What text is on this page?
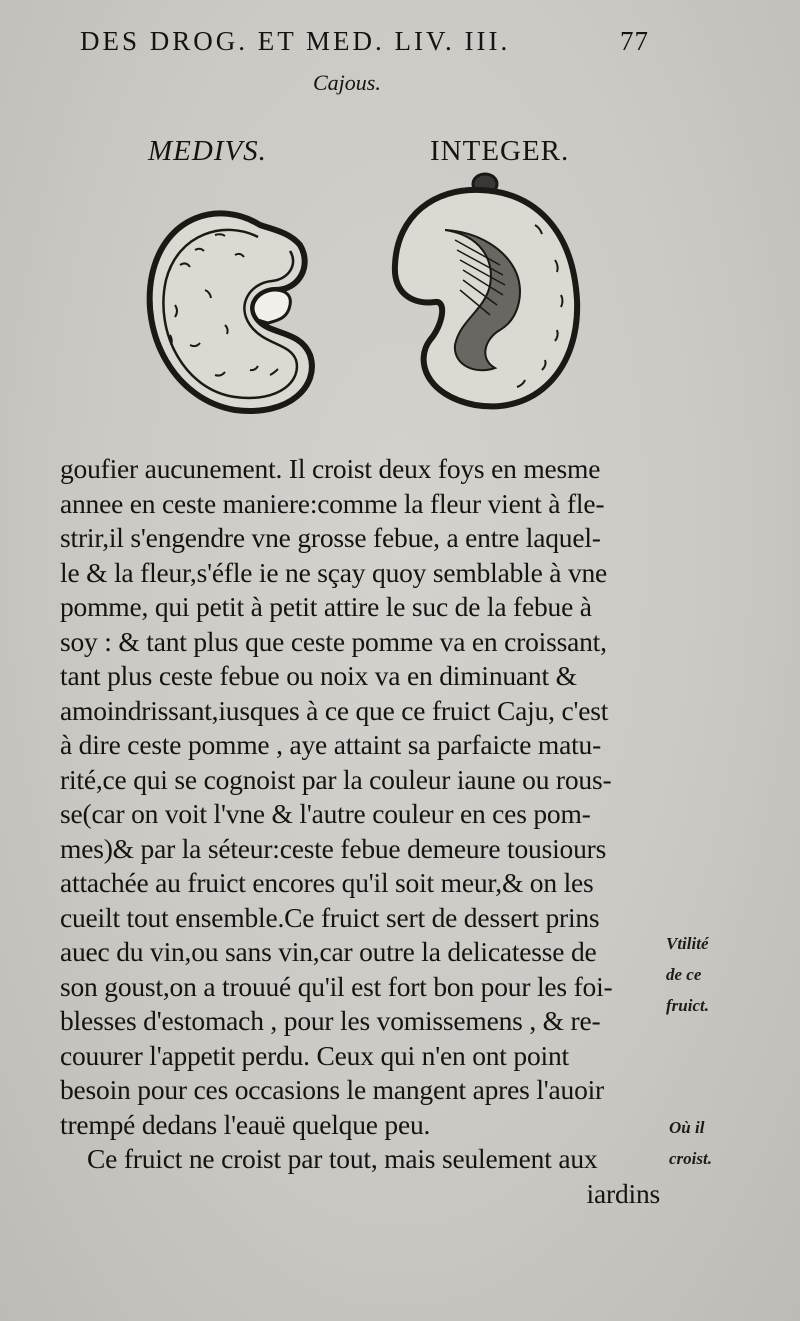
DES DROG. ET MED. LIV. III.	77
Cajous.
MEDIVS.	INTEGER.
goufier aucunement. Il croist deux foys en mesme
annee en ceste maniere:comme la fleur vient à fle-
strir,il s'engendre vne grosse febue, a entre laquel-
le & la fleur,s'éfle ie ne sçay quoy semblable à vne
pomme, qui petit à petit attire le suc de la febue à
soy : & tant plus que ceste pomme va en croissant,
tant plus ceste febue ou noix va en diminuant &
amoindrissant,iusques à ce que ce fruict Caju, c'est
à dire ceste pomme , aye attaint sa parfaicte matu-
rité,ce qui se cognoist par la couleur iaune ou rous-
se(car on voit l'vne & l'autre couleur en ces pom-
mes)& par la séteur:ceste febue demeure tousiours
attachée au fruict encores qu'il soit meur,& on les
cueilt tout ensemble.Ce fruict sert de dessert prins
auec du vin,ou sans vin,car outre la delicatesse de
son goust,on a trouué qu'il est fort bon pour les foi-
blesses d'estomach , pour les vomissemens , & re-
couurer l'appetit perdu. Ceux qui n'en ont point
besoin pour ces occasions le mangent apres l'auoir
trempé dedans l'eauë quelque peu.
Ce fruict ne croist par tout, mais seulement aux
iardins
Vtilité
de ce
fruict.
Où il
croist.
